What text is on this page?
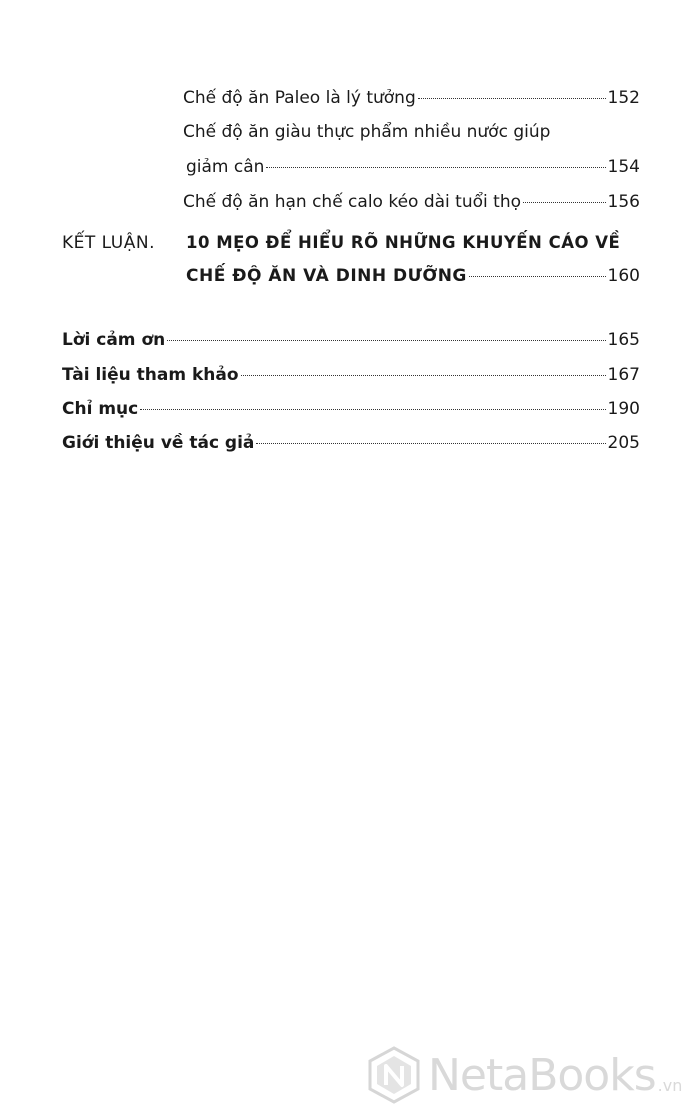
Chế độ ăn Paleo là lý tưởng	152
Chế độ ăn giàu thực phẩm nhiều nước giúp
giảm cân	154
Chế độ ăn hạn chế calo kéo dài tuổi thọ	156
KẾT LUẬN. 10 MẸO ĐỂ HIỂU RÕ NHỮNG KHUYẾN CÁO VỀ
CHẾ ĐỘ ĂN VÀ DINH DƯỠNG	160
Lời cảm ơn	165
Tài liệu tham khảo	167
Chỉ mục	190
Giới thiệu về tác giả	205
NetaBooks .vn
